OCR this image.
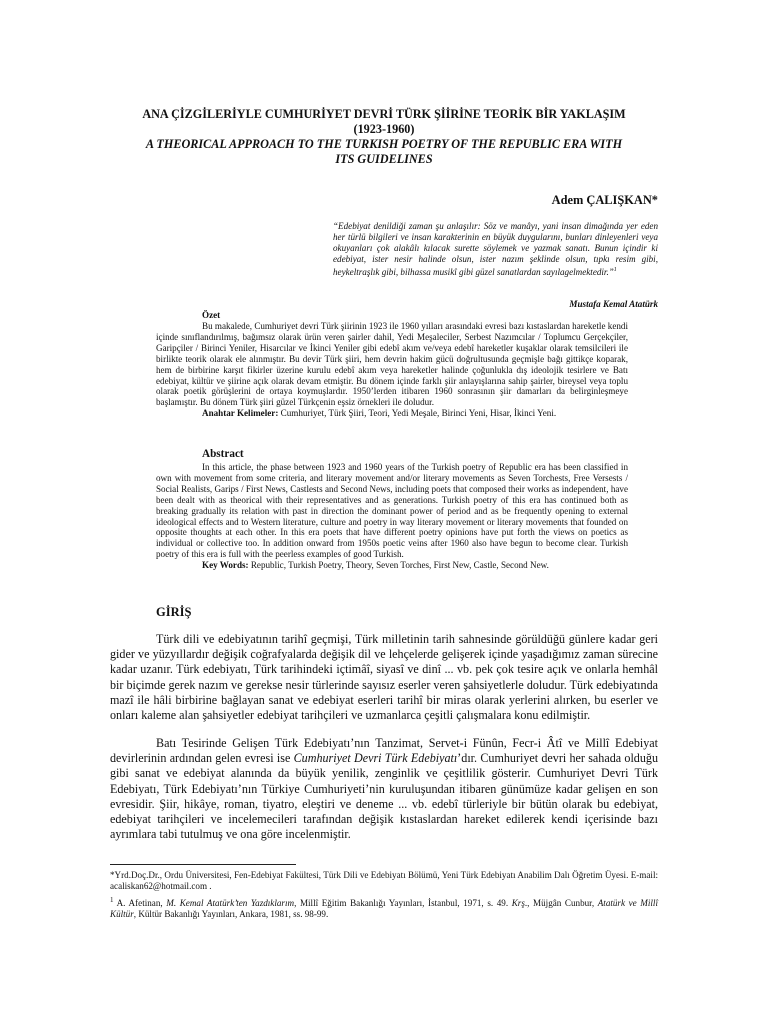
ANA ÇİZGİLERİYLE CUMHURİYET DEVRİ TÜRK ŞİİRİNE TEORİK BİR YAKLAŞIM
(1923-1960)
A THEORICAL APPROACH TO THE TURKISH POETRY OF THE REPUBLIC ERA WITH
ITS GUIDELINES
Adem ÇALIŞKAN*
“Edebiyat denildiği zaman şu anlaşılır: Söz ve manâyı, yani insan dimağında yer eden her türlü bilgileri ve insan karakterinin en büyük duygularını, bunları dinleyenleri veya okuyanları çok alakâlı kılacak surette söylemek ve yazmak sanatı. Bunun içindir ki edebiyat, ister nesir halinde olsun, ister nazım şeklinde olsun, tıpkı resim gibi, heykeltraşlık gibi, bilhassa musikî gibi güzel sanatlardan sayılagelmektedir.”$^1$
Mustafa Kemal Atatürk
Özet

Bu makalede, Cumhuriyet devri Türk şiirinin 1923 ile 1960 yılları arasındaki evresi bazı kıstaslardan hareketle kendi içinde sınıflandırılmış, bağımsız olarak ürün veren şairler dahil, Yedi Meşaleciler, Serbest Nazımcılar / Toplumcu Gerçekçiler, Garipçiler / Birinci Yeniler, Hisarcılar ve İkinci Yeniler gibi edebî akım ve/veya edebî hareketler kuşaklar olarak temsilcileri ile birlikte teorik olarak ele alınmıştır. Bu devir Türk şiiri, hem devrin hakim gücü doğrultusunda geçmişle bağı gittikçe koparak, hem de birbirine karşıt fikirler üzerine kurulu edebî akım veya hareketler halinde çoğunlukla dış ideolojik tesirlere ve Batı edebiyat, kültür ve şiirine açık olarak devam etmiştir. Bu dönem içinde farklı şiir anlayışlarına sahip şairler, bireysel veya toplu olarak poetik görüşlerini de ortaya koymuşlardır. 1950’lerden itibaren 1960 sonrasının şiir damarları da belirginleşmeye başlamıştır. Bu dönem Türk şiiri güzel Türkçenin eşsiz örnekleri ile doludur.

Anahtar Kelimeler: Cumhuriyet, Türk Şiiri, Teori, Yedi Meşale, Birinci Yeni, Hisar, İkinci Yeni.

Abstract

In this article, the phase between 1923 and 1960 years of the Turkish poetry of Republic era has been classified in own with movement from some criteria, and literary movement and/or literary movements as Seven Torchests, Free Versests / Social Realists, Garips / First News, Castlests and Second News, including poets that composed their works as independent, have been dealt with as theorical with their representatives and as generations. Turkish poetry of this era has continued both as breaking gradually its relation with past in direction the dominant power of period and as be frequently opening to external ideological effects and to Western literature, culture and poetry in way literary movement or literary movements that founded on opposite thoughts at each other. In this era poets that have different poetry opinions have put forth the views on poetics as individual or collective too. In addition onward from 1950s poetic veins after 1960 also have begun to become clear. Turkish poetry of this era is full with the peerless examples of good Turkish.

Key Words: Republic, Turkish Poetry, Theory, Seven Torches, First New, Castle, Second New.

GİRİŞ

Türk dili ve edebiyatının tarihî geçmişi, Türk milletinin tarih sahnesinde görüldüğü günlere kadar geri gider ve yüzyıllardır değişik coğrafyalarda değişik dil ve lehçelerde gelişerek içinde yaşadığımız zaman sürecine kadar uzanır. Türk edebiyatı, Türk tarihindeki içtimâî, siyasî ve dinî ... vb. pek çok tesire açık ve onlarla hemhâl bir biçimde gerek nazım ve gerekse nesir türlerinde sayısız eserler veren şahsiyetlerle doludur. Türk edebiyatında mazî ile hâli birbirine bağlayan sanat ve edebiyat eserleri tarihî bir miras olarak yerlerini alırken, bu eserler ve onları kaleme alan şahsiyetler edebiyat tarihçileri ve uzmanlarca çeşitli çalışmalara konu edilmiştir.

Batı Tesirinde Gelişen Türk Edebiyatı’nın Tanzimat, Servet-i Fünûn, Fecr-i Âtî ve Millî Edebiyat devirlerinin ardından gelen evresi ise Cumhuriyet Devri Türk Edebiyatı’dır. Cumhuriyet devri her sahada olduğu gibi sanat ve edebiyat alanında da büyük yenilik, zenginlik ve çeşitlilik gösterir. Cumhuriyet Devri Türk Edebiyatı, Türk Edebiyatı’nın Türkiye Cumhuriyeti’nin kuruluşundan itibaren günümüze kadar gelişen en son evresidir. Şiir, hikâye, roman, tiyatro, eleştiri ve deneme ... vb. edebî türleriyle bir bütün olarak bu edebiyat, edebiyat tarihçileri ve incelemecileri tarafından değişik kıstaslardan hareket edilerek kendi içerisinde bazı ayrımlara tabi tutulmuş ve ona göre incelenmiştir.

*Yrd.Doç.Dr., Ordu Üniversitesi, Fen-Edebiyat Fakültesi, Türk Dili ve Edebiyatı Bölümü, Yeni Türk Edebiyatı Anabilim Dalı Öğretim Üyesi. E-mail: acaliskan62@hotmail.com .

$^1$ A. Afetinan, M. Kemal Atatürk’ten Yazdıklarım, Millî Eğitim Bakanlığı Yayınları, İstanbul, 1971, s. 49. Krş., Müjgân Cunbur, Atatürk ve Millî Kültür, Kültür Bakanlığı Yayınları, Ankara, 1981, ss. 98-99.
